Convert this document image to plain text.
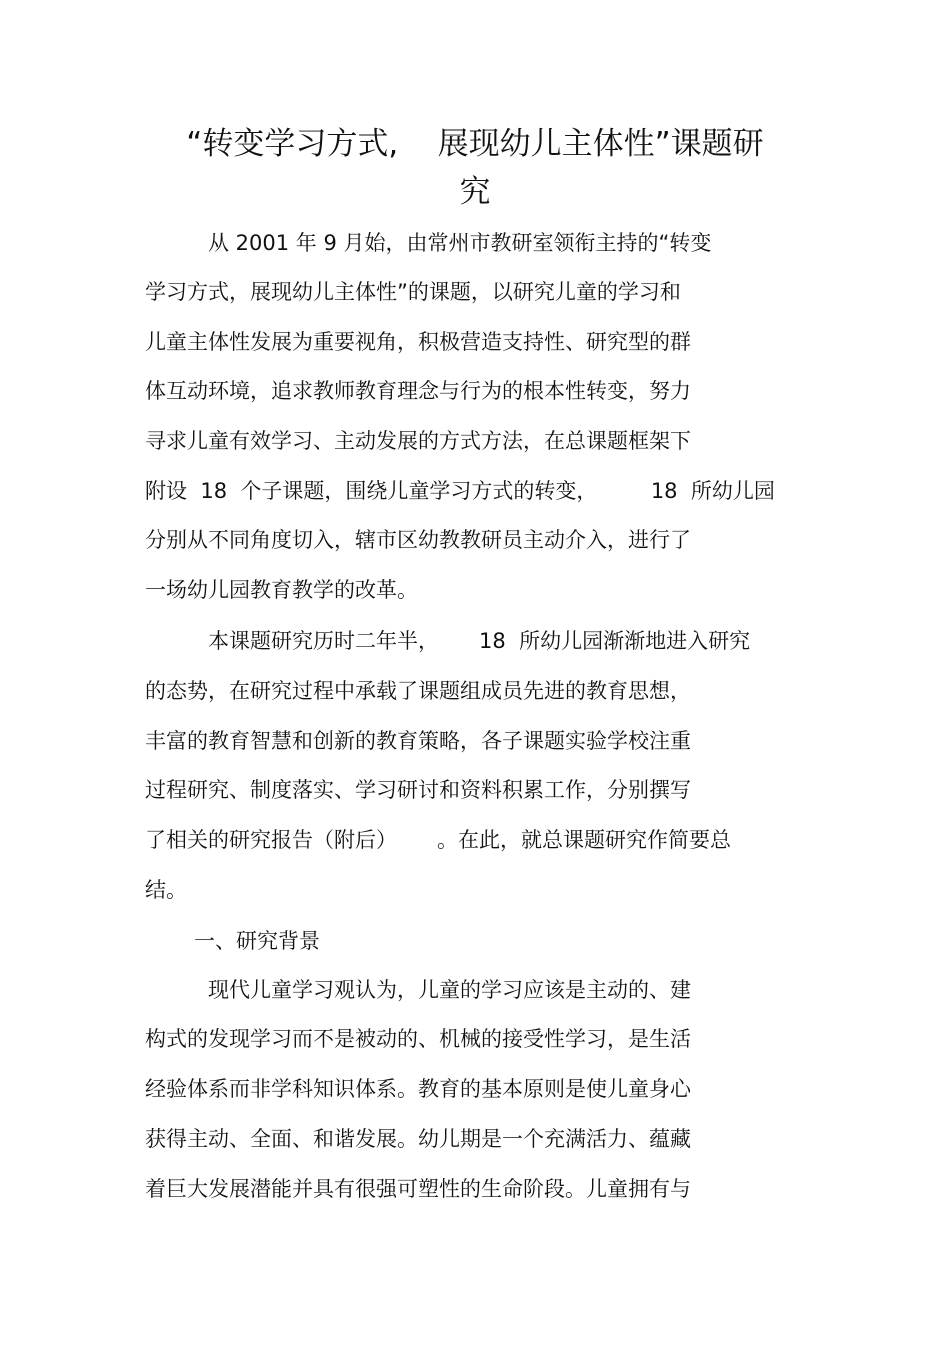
“转变学习方式,    展现幼儿主体性”课题研
究
从 2001 年 9 月始，由常州市教研室领衔主持的“转变
学习方式，展现幼儿主体性”的课题，以研究儿童的学习和
儿童主体性发展为重要视角，积极营造支持性、研究型的群
体互动环境，追求教师教育理念与行为的根本性转变，努力
寻求儿童有效学习、主动发展的方式方法，在总课题框架下
附设  18  个子课题，围绕儿童学习方式的转变，        18  所幼儿园
分别从不同角度切入，辖市区幼教教研员主动介入，进行了
一场幼儿园教育教学的改革。
本课题研究历时二年半，      18  所幼儿园渐渐地进入研究
的态势，在研究过程中承载了课题组成员先进的教育思想，
丰富的教育智慧和创新的教育策略，各子课题实验学校注重
过程研究、制度落实、学习研讨和资料积累工作，分别撰写
了相关的研究报告（附后）      。在此，就总课题研究作简要总
结。
一、研究背景
现代儿童学习观认为，儿童的学习应该是主动的、建
构式的发现学习而不是被动的、机械的接受性学习，是生活
经验体系而非学科知识体系。教育的基本原则是使儿童身心
获得主动、全面、和谐发展。幼儿期是一个充满活力、蕴藏
着巨大发展潜能并具有很强可塑性的生命阶段。儿童拥有与
